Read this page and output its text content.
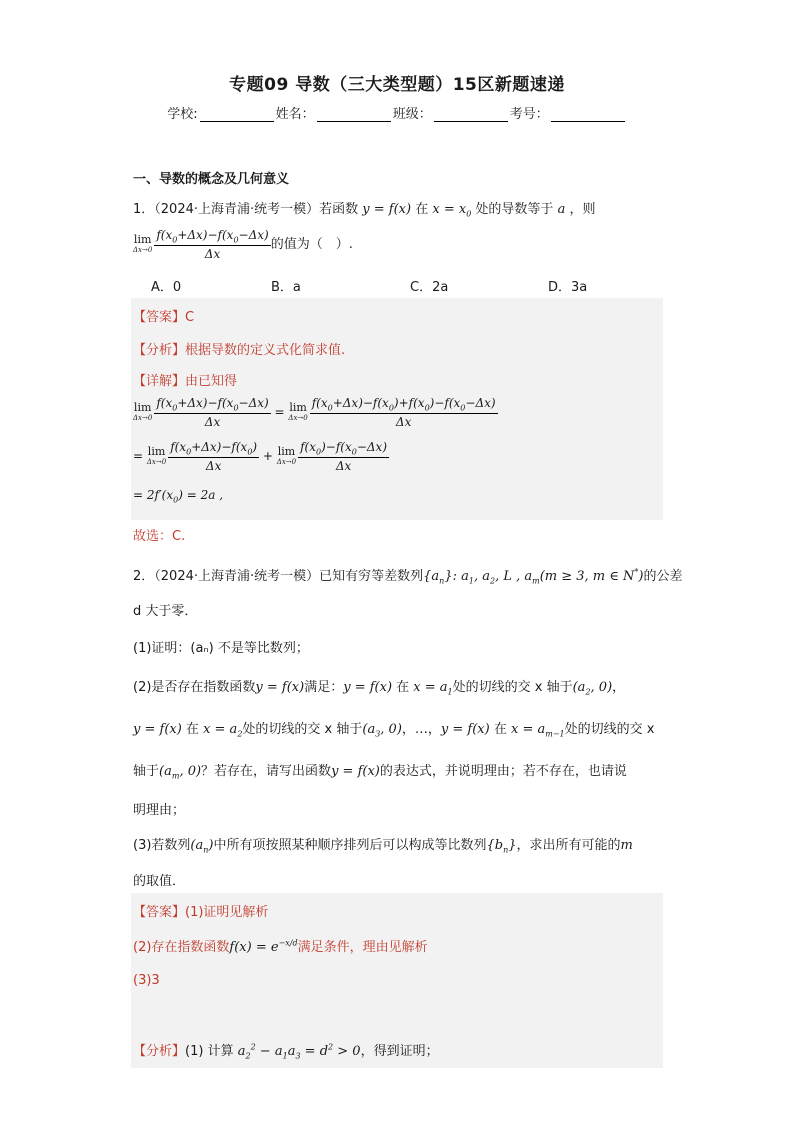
专题09 导数（三大类型题）15区新题速递
学校:	姓名：	班级：	考号：
一、导数的概念及几何意义
1．（2024·上海青浦·统考一模）若函数 y = f(x) 在 $x = x_0$ 处的导数等于 a ，则
lim
$\Delta x\to 0 \frac{f(x_0+\Delta x)-f(x_0-\Delta x)}{\Delta x}$ 的值为（　）.
A．0	B．a	C．2a	D．3a
【答案】C
【分析】根据导数的定义式化简求值.
【详解】由已知得
lim
$\Delta x\to 0 \frac{f(x_0+\Delta x)-f(x_0-\Delta x)}{\Delta x} = \lim$
$\Delta x\to 0 \frac{f(x_0+\Delta x)-f(x_0)+f(x_0)-f(x_0-\Delta x)}{\Delta x}$
= lim
$\Delta x\to 0 \frac{f(x_0+\Delta x)-f(x_0)}{\Delta x} + \lim$
$\Delta x\to 0 \frac{f(x_0)-f(x_0-\Delta x)}{\Delta x}$
= $2f'(x_0) = 2a$ ,
故选：C.
2．（2024·上海青浦·统考一模）已知有穷等差数列$\{a_n\}$: $a_1$, $a_2$, L , $a_m(m \ge 3$, m ∈ N*)的公差
d 大于零．
(1)证明：(aₙ) 不是等比数列；
(2)是否存在指数函数y = f(x)满足：y = f(x) 在 $x = a_1$处的切线的交 x 轴于($a_2$, 0)，
y = f(x) 在 $x = a_2$处的切线的交 x 轴于($a_3$, 0)，…，y = f(x) 在 $x = a_{m-1}$处的切线的交 x
轴于($a_m$, 0)？若存在，请写出函数y = f(x)的表达式，并说明理由；若不存在，也请说
明理由；
(3)若数列$(a_n)$中所有项按照某种顺序排列后可以构成等比数列$\{b_n\}$，求出所有可能的m
的取值．
【答案】(1)证明见解析
(2)存在指数函数$f(x) = e^{-x/d}$满足条件，理由见解析
(3)3
【分析】(1) 计算 $a_2^2 - a_1a_3 = d^2 > 0$，得到证明；
